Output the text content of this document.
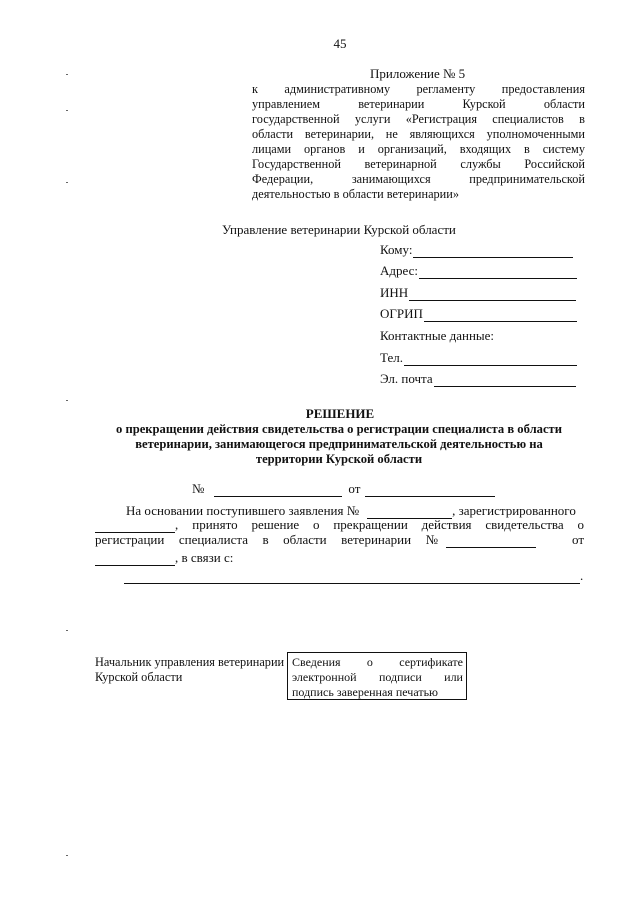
45
Приложение № 5
к административному регламенту предоставления
управлением	ветеринарии	Курской	области
государственной услуги «Регистрация специалистов в
области ветеринарии, не являющихся уполномоченными
лицами органов и организаций, входящих в систему
Государственной ветеринарной службы Российской
Федерации,	занимающихся	предпринимательской
деятельностью в области ветеринарии»
Управление ветеринарии Курской области
Кому:
Адрес:
ИНН
ОГРИП
Контактные данные:
Тел.
Эл. почта
РЕШЕНИЕ
о прекращении действия свидетельства о регистрации специалиста в области ветеринарии, занимающегося предпринимательской деятельностью на территории Курской области
№	от
На основании поступившего заявления №	, зарегистрированного
, принято решение о прекращении действия свидетельства о
регистрации специалиста в области ветеринарии №	от
, в связи с:
.
Начальник управления ветеринарии
Курской области
Сведения о сертификате
электронной подписи или
подпись заверенная печатью
